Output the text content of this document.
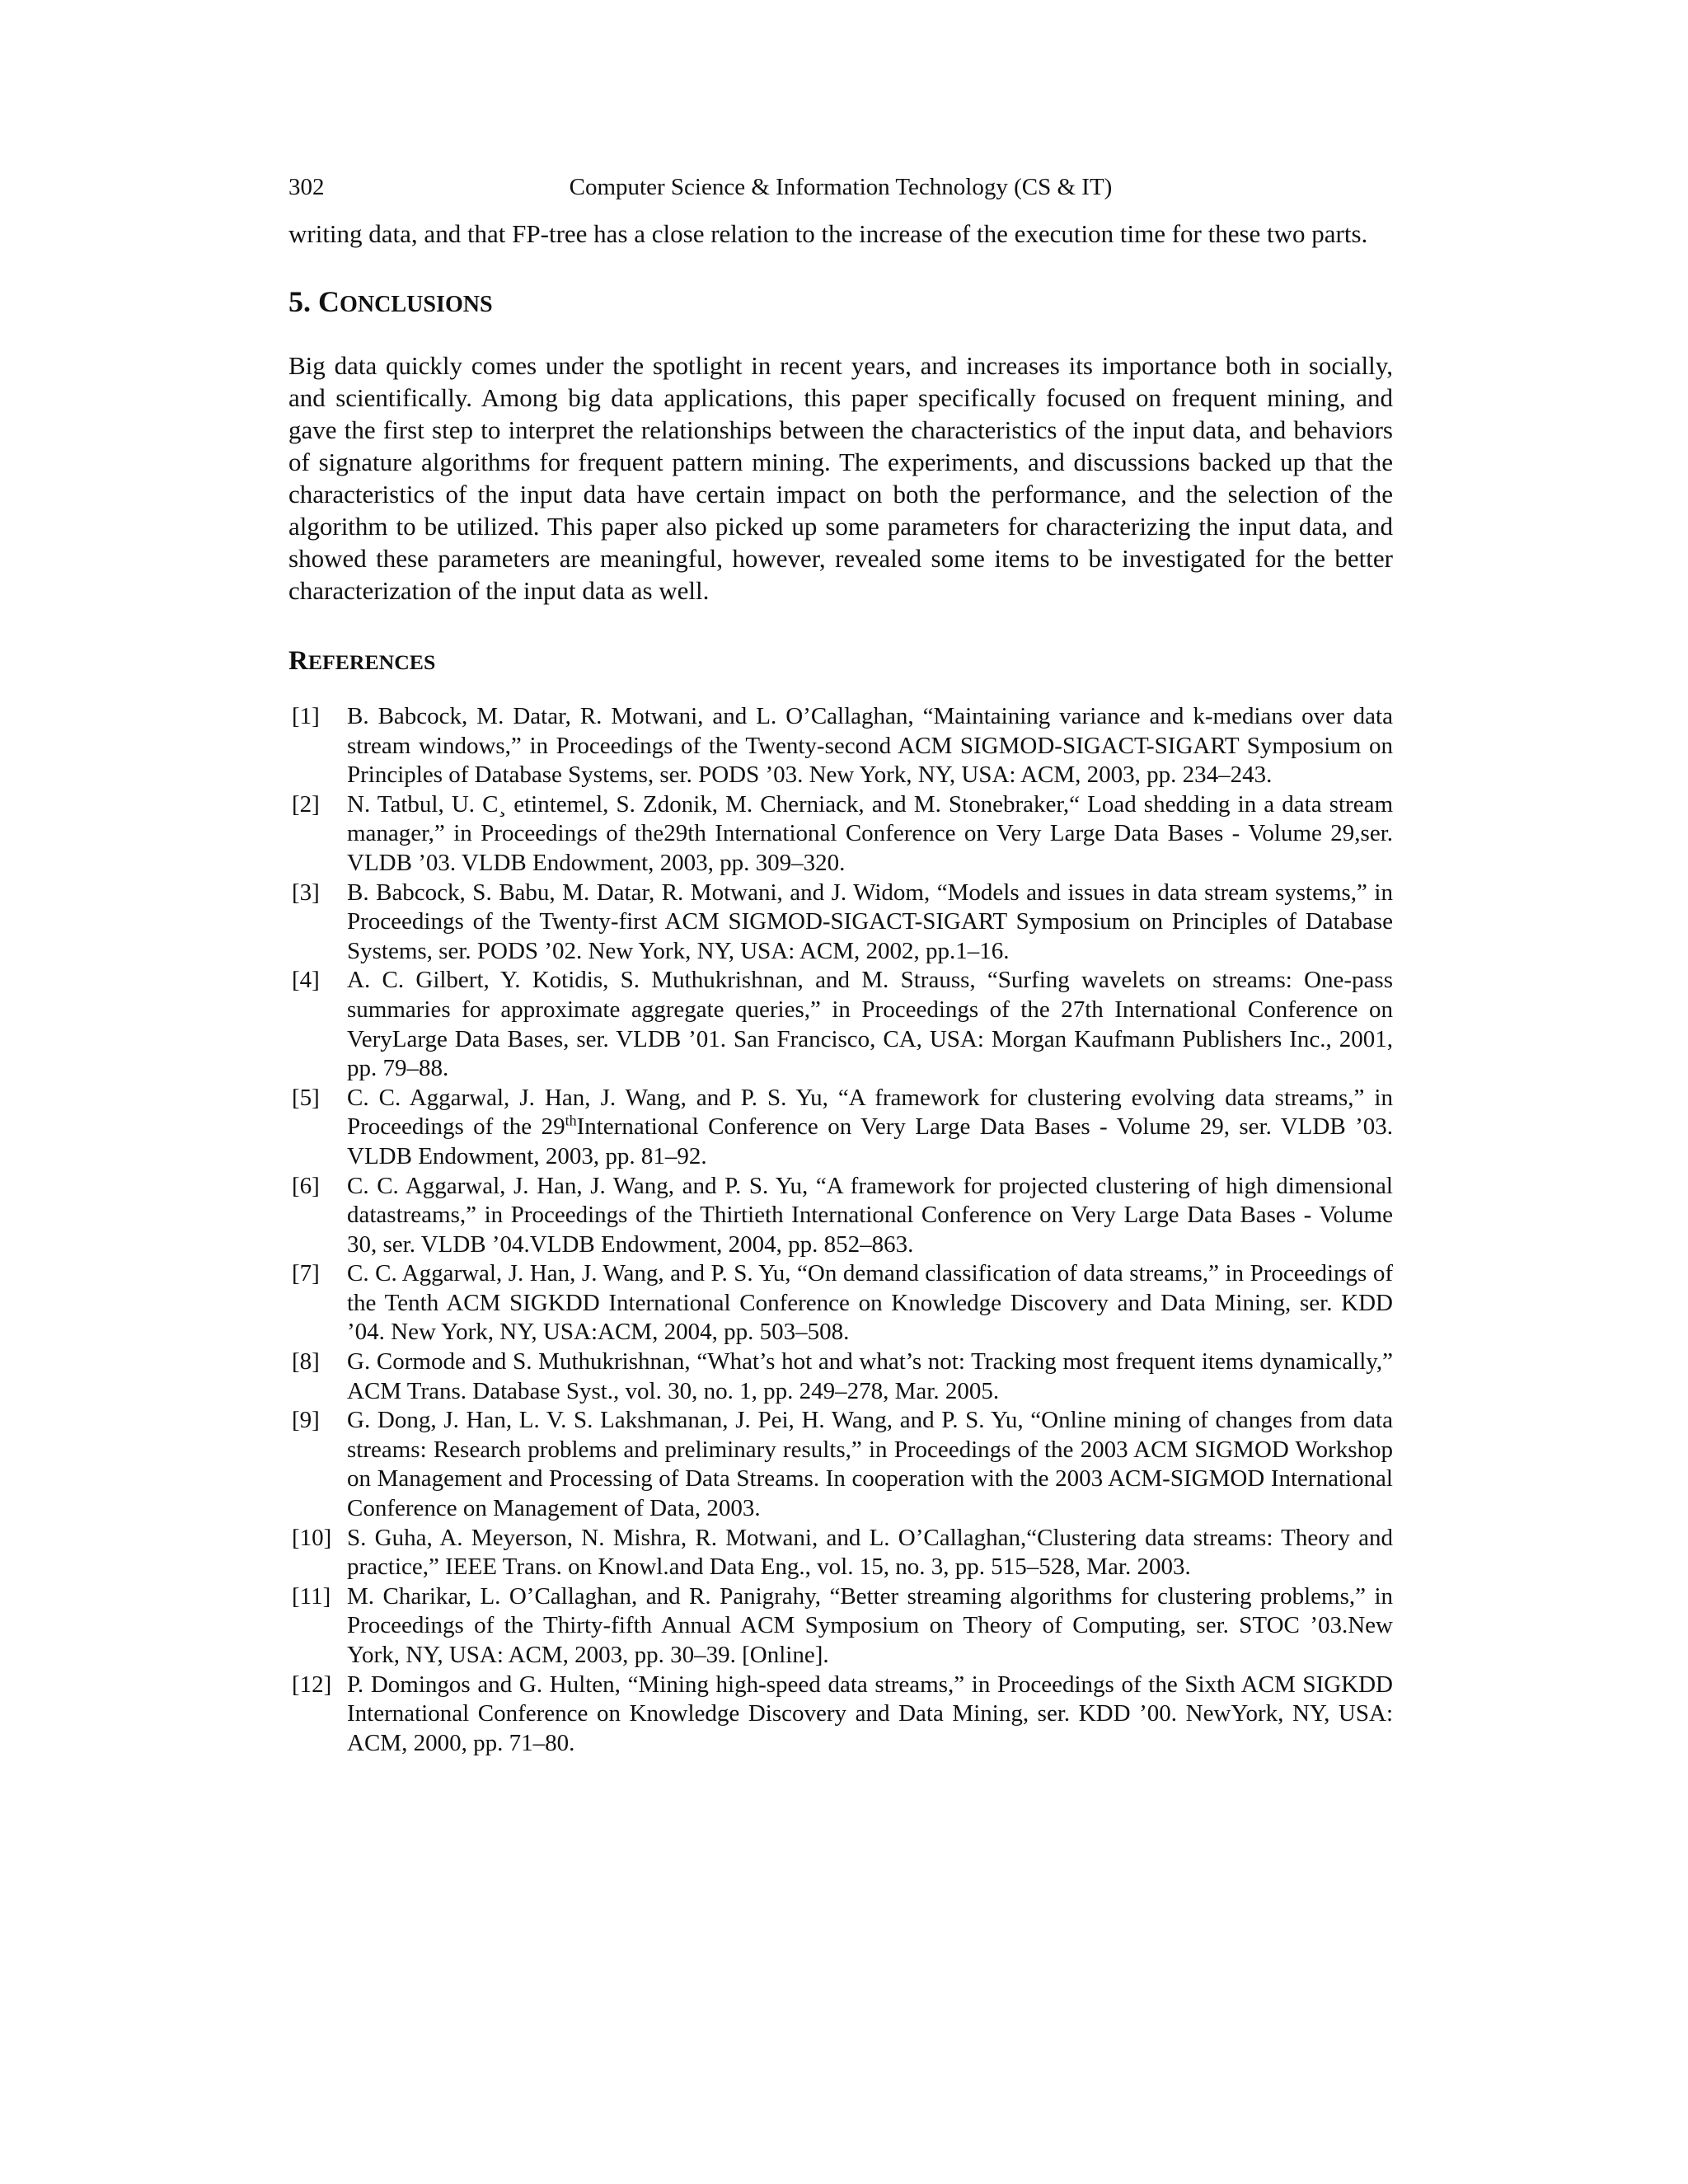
302	Computer Science & Information Technology (CS & IT)

writing data, and that FP-tree has a close relation to the increase of the execution time for these two parts.

5. CONCLUSIONS

Big data quickly comes under the spotlight in recent years, and increases its importance both in socially, and scientifically. Among big data applications, this paper specifically focused on frequent mining, and gave the first step to interpret the relationships between the characteristics of the input data, and behaviors of signature algorithms for frequent pattern mining. The experiments, and discussions backed up that the characteristics of the input data have certain impact on both the performance, and the selection of the algorithm to be utilized. This paper also picked up some parameters for characterizing the input data, and showed these parameters are meaningful, however, revealed some items to be investigated for the better characterization of the input data as well.

REFERENCES
[1] B. Babcock, M. Datar, R. Motwani, and L. O’Callaghan, “Maintaining variance and k-medians over data stream windows,” in Proceedings of the Twenty-second ACM SIGMOD-SIGACT-SIGART Symposium on Principles of Database Systems, ser. PODS ’03. New York, NY, USA: ACM, 2003, pp. 234–243.
[2] N. Tatbul, U. C¸ etintemel, S. Zdonik, M. Cherniack, and M. Stonebraker,“ Load shedding in a data stream manager,” in Proceedings of the29th International Conference on Very Large Data Bases - Volume 29,ser. VLDB ’03. VLDB Endowment, 2003, pp. 309–320.
[3] B. Babcock, S. Babu, M. Datar, R. Motwani, and J. Widom, “Models and issues in data stream systems,” in Proceedings of the Twenty-first ACM SIGMOD-SIGACT-SIGART Symposium on Principles of Database Systems, ser. PODS ’02. New York, NY, USA: ACM, 2002, pp.1–16.
[4] A. C. Gilbert, Y. Kotidis, S. Muthukrishnan, and M. Strauss, “Surfing wavelets on streams: One-pass summaries for approximate aggregate queries,” in Proceedings of the 27th International Conference on VeryLarge Data Bases, ser. VLDB ’01. San Francisco, CA, USA: Morgan Kaufmann Publishers Inc., 2001, pp. 79–88.
[5] C. C. Aggarwal, J. Han, J. Wang, and P. S. Yu, “A framework for clustering evolving data streams,” in Proceedings of the 29thInternational Conference on Very Large Data Bases - Volume 29, ser. VLDB ’03. VLDB Endowment, 2003, pp. 81–92.
[6] C. C. Aggarwal, J. Han, J. Wang, and P. S. Yu, “A framework for projected clustering of high dimensional datastreams,” in Proceedings of the Thirtieth International Conference on Very Large Data Bases - Volume 30, ser. VLDB ’04.VLDB Endowment, 2004, pp. 852–863.
[7] C. C. Aggarwal, J. Han, J. Wang, and P. S. Yu, “On demand classification of data streams,” in Proceedings of the Tenth ACM SIGKDD International Conference on Knowledge Discovery and Data Mining, ser. KDD ’04. New York, NY, USA:ACM, 2004, pp. 503–508.
[8] G. Cormode and S. Muthukrishnan, “What’s hot and what’s not: Tracking most frequent items dynamically,” ACM Trans. Database Syst., vol. 30, no. 1, pp. 249–278, Mar. 2005.
[9] G. Dong, J. Han, L. V. S. Lakshmanan, J. Pei, H. Wang, and P. S. Yu, “Online mining of changes from data streams: Research problems and preliminary results,” in Proceedings of the 2003 ACM SIGMOD Workshop on Management and Processing of Data Streams. In cooperation with the 2003 ACM-SIGMOD International Conference on Management of Data, 2003.
[10] S. Guha, A. Meyerson, N. Mishra, R. Motwani, and L. O’Callaghan,“Clustering data streams: Theory and practice,” IEEE Trans. on Knowl.and Data Eng., vol. 15, no. 3, pp. 515–528, Mar. 2003.
[11] M. Charikar, L. O’Callaghan, and R. Panigrahy, “Better streaming algorithms for clustering problems,” in Proceedings of the Thirty-fifth Annual ACM Symposium on Theory of Computing, ser. STOC ’03.New York, NY, USA: ACM, 2003, pp. 30–39. [Online].
[12] P. Domingos and G. Hulten, “Mining high-speed data streams,” in Proceedings of the Sixth ACM SIGKDD International Conference on Knowledge Discovery and Data Mining, ser. KDD ’00. NewYork, NY, USA: ACM, 2000, pp. 71–80.
